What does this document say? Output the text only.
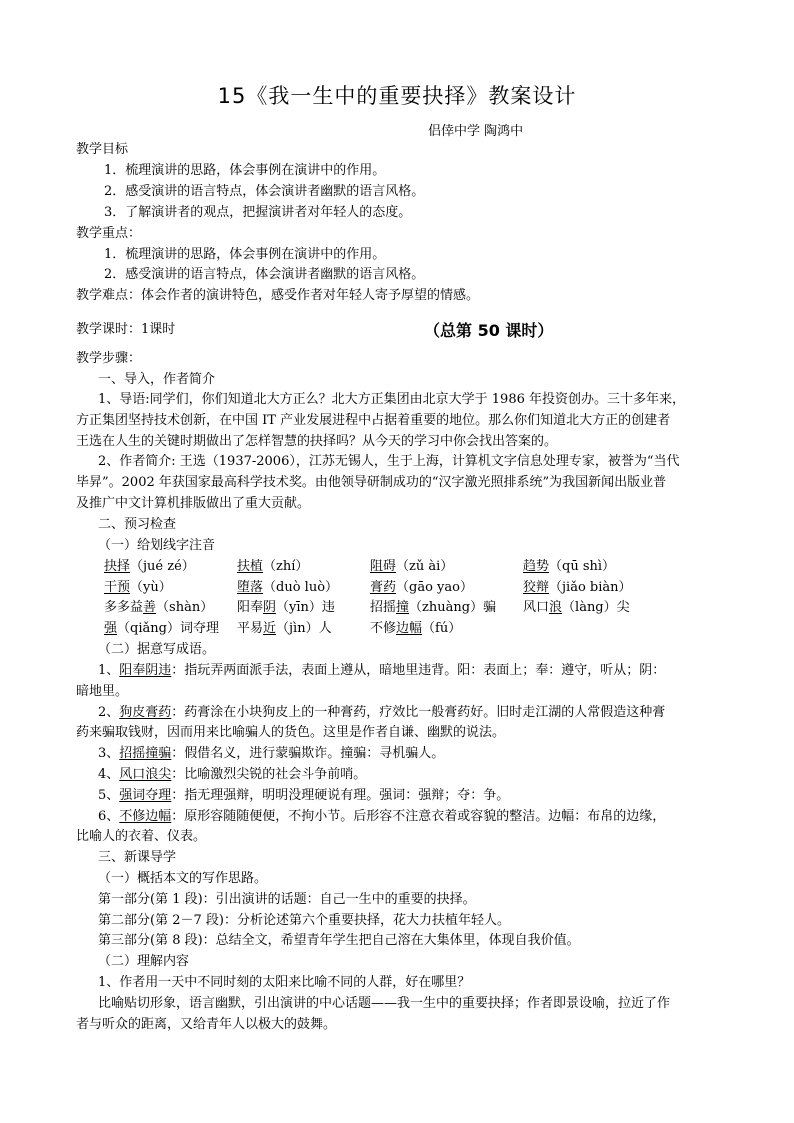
15《我一生中的重要抉择》教案设计
侣倖中学 陶鸿中
教学目标
1．梳理演讲的思路，体会事例在演讲中的作用。
2．感受演讲的语言特点，体会演讲者幽默的语言风格。
3．了解演讲者的观点，把握演讲者对年轻人的态度。
教学重点：
1．梳理演讲的思路，体会事例在演讲中的作用。
2．感受演讲的语言特点，体会演讲者幽默的语言风格。
教学难点：体会作者的演讲特色，感受作者对年轻人寄予厚望的情感。
教学课时：1课时	（总第 50 课时）
教学步骤：
一、导入，作者简介
1、导语:同学们，你们知道北大方正么？北大方正集团由北京大学于 1986 年投资创办。三十多年来，
方正集团坚持技术创新，在中国 IT 产业发展进程中占据着重要的地位。那么你们知道北大方正的创建者
王选在人生的关键时期做出了怎样智慧的抉择吗？从今天的学习中你会找出答案的。
2、作者简介: 王选（1937-2006），江苏无锡人，生于上海，计算机文字信息处理专家，被誉为“当代
毕昇”。2002 年获国家最高科学技术奖。由他领导研制成功的“汉字激光照排系统”为我国新闻出版业普
及推广中文计算机排版做出了重大贡献。
二、预习检查
（一）给划线字注音
抉择（jué zé）	扶植（zhí）	阻碍（zǔ ài）	趋势（qū shì）
干预（yù）	堕落（duò luò） 膏药（gāo yao）	狡辩（jiǎo biàn）
多多益善（shàn） 阳奉阴（yīn）违	招摇撞（zhuàng）骗 风口浪（làng）尖
强（qiǎng）词夺理 平易近（jìn）人	不修边幅（fú）
（二）据意写成语。
1、阳奉阴违：指玩弄两面派手法，表面上遵从，暗地里违背。阳：表面上；奉：遵守，听从；阴：
暗地里。
2、狗皮膏药：药膏涂在小块狗皮上的一种膏药，疗效比一般膏药好。旧时走江湖的人常假造这种膏
药来骗取钱财，因而用来比喻骗人的货色。这里是作者自谦、幽默的说法。
3、招摇撞骗：假借名义，进行蒙骗欺诈。撞骗：寻机骗人。
4、风口浪尖：比喻激烈尖锐的社会斗争前哨。
5、强词夺理：指无理强辩，明明没理硬说有理。强词：强辩；夺：争。
6、不修边幅：原形容随随便便，不拘小节。后形容不注意衣着或容貌的整洁。边幅：布帛的边缘，
比喻人的衣着、仪表。
三、新课导学
（一）概括本文的写作思路。
第一部分(第 1 段)：引出演讲的话题：自己一生中的重要的抉择。
第二部分(第 2－7 段)：分析论述第六个重要抉择，花大力扶植年轻人。
第三部分(第 8 段)：总结全文，希望青年学生把自己溶在大集体里，体现自我价值。
（二）理解内容
1、作者用一天中不同时刻的太阳来比喻不同的人群，好在哪里？
比喻贴切形象，语言幽默，引出演讲的中心话题——我一生中的重要抉择；作者即景设喻，拉近了作
者与听众的距离，又给青年人以极大的鼓舞。
